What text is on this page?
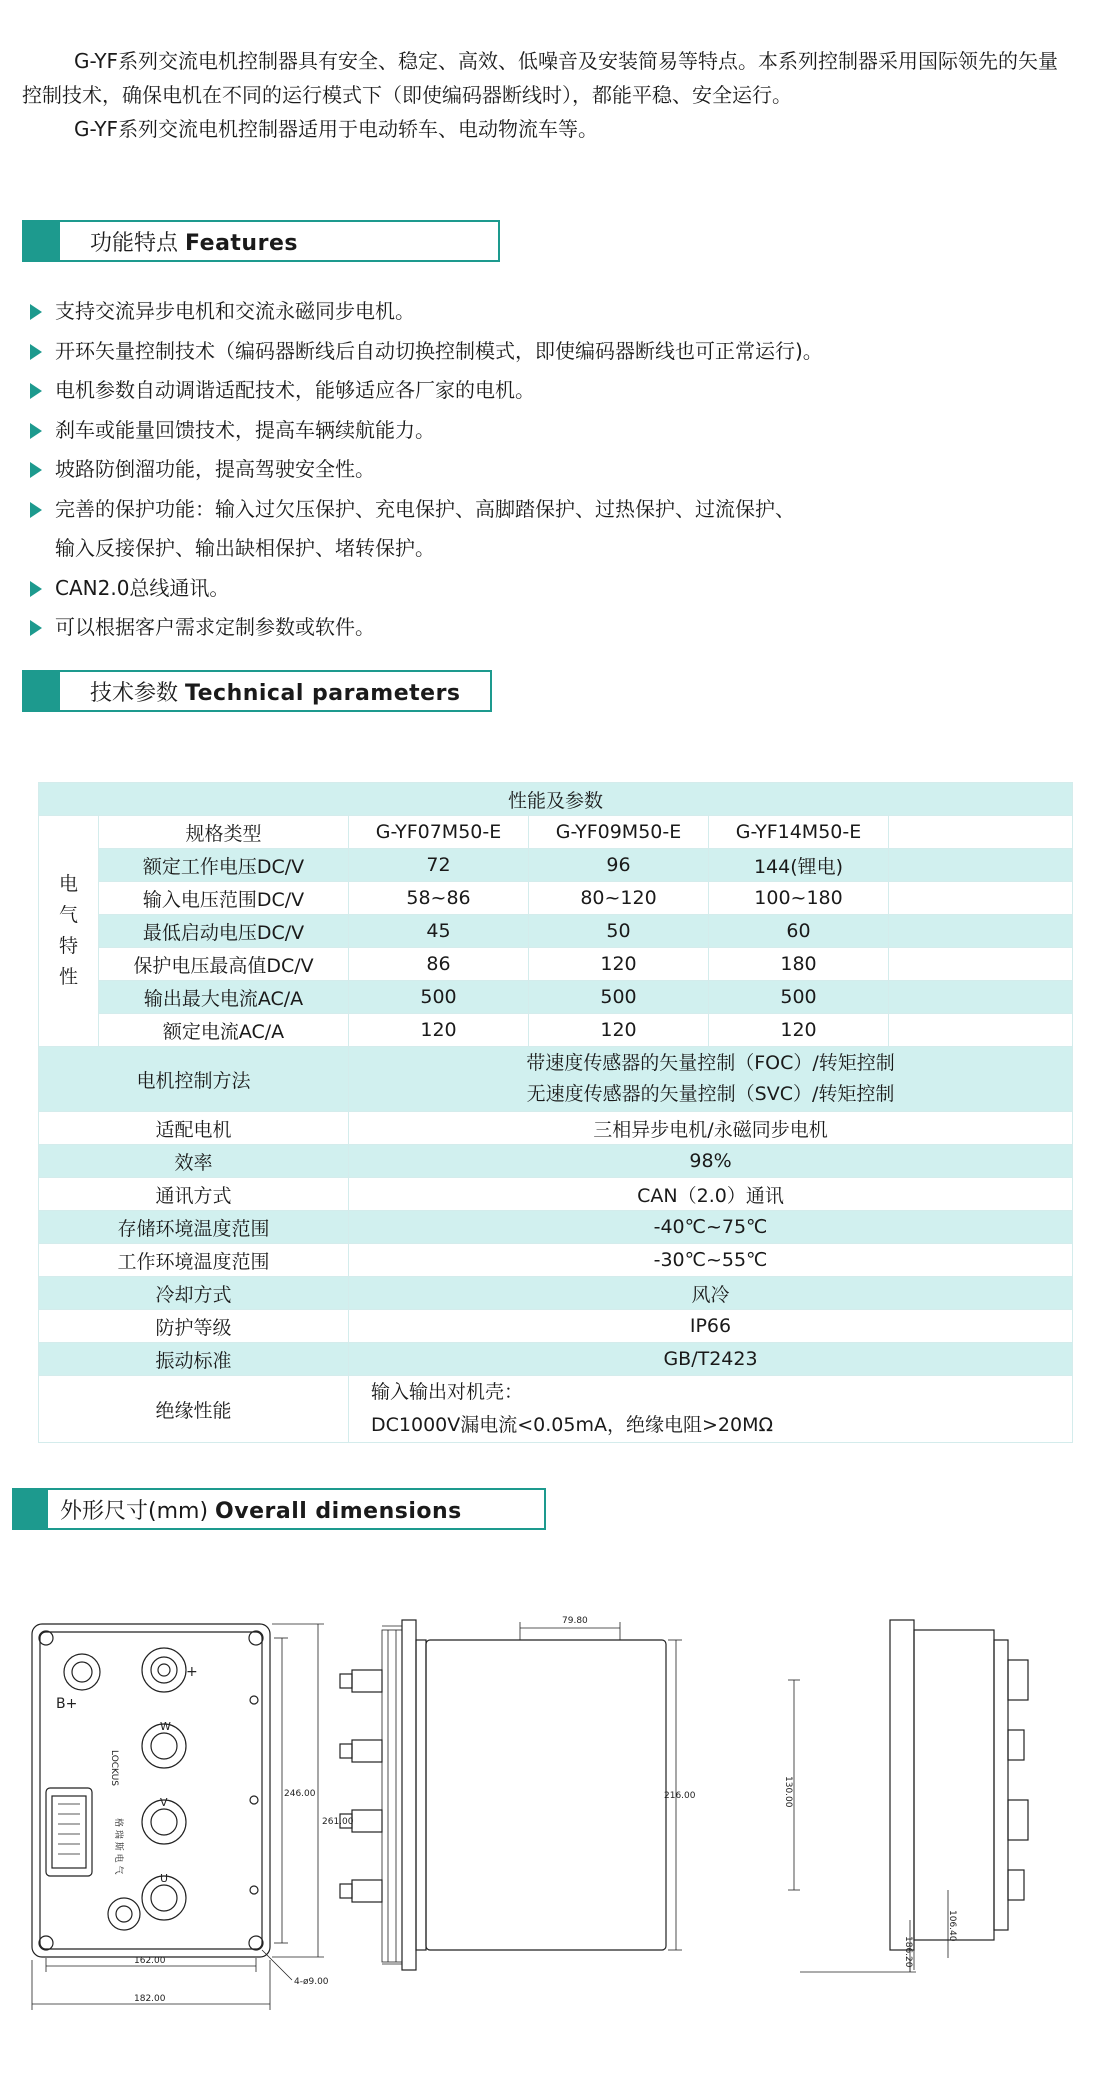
G-YF系列交流电机控制器具有安全、稳定、高效、低噪音及安装简易等特点。本系列控制器采用国际领先的矢量控制技术，确保电机在不同的运行模式下（即使编码器断线时），都能平稳、安全运行。

G-YF系列交流电机控制器适用于电动轿车、电动物流车等。

功能特点 Features
支持交流异步电机和交流永磁同步电机。
开环矢量控制技术（编码器断线后自动切换控制模式，即使编码器断线也可正常运行)。
电机参数自动调谐适配技术，能够适应各厂家的电机。
刹车或能量回馈技术，提高车辆续航能力。
坡路防倒溜功能，提高驾驶安全性。
完善的保护功能：输入过欠压保护、充电保护、高脚踏保护、过热保护、过流保护、
输入反接保护、输出缺相保护、堵转保护。
CAN2.0总线通讯。
可以根据客户需求定制参数或软件。
技术参数 Technical parameters
性能及参数					
电
气
特
性	规格类型	G-YF07M50-E	G-YF09M50-E	G-YF14M50-E	
	额定工作电压DC/V	72	96	144(锂电)	
	输入电压范围DC/V	58~86	80~120	100~180	
	最低启动电压DC/V	45	50	60	
	保护电压最高值DC/V	86	120	180	
	输出最大电流AC/A	500	500	500	
	额定电流AC/A	120	120	120	
电机控制方法		带速度传感器的矢量控制（FOC）/转矩控制
无速度传感器的矢量控制（SVC）/转矩控制			
适配电机		三相异步电机/永磁同步电机			
效率		98%			
通讯方式		CAN（2.0）通讯			
存储环境温度范围		-40℃~75℃			
工作环境温度范围		-30℃~55℃			
冷却方式		风冷			
防护等级		IP66			
振动标准		GB/T2423			
绝缘性能		输入输出对机壳：
DC1000V漏电流<0.05mA，绝缘电阻>20MΩ			
外形尺寸(mm) Overall dimensions
B+
+
W
V
U
LOCKUS
格 瑞 斯 电 气
162.00
182.00
246.00
261.00
4-ø9.00
79.80
216.00	130.00
106.40
186.20
